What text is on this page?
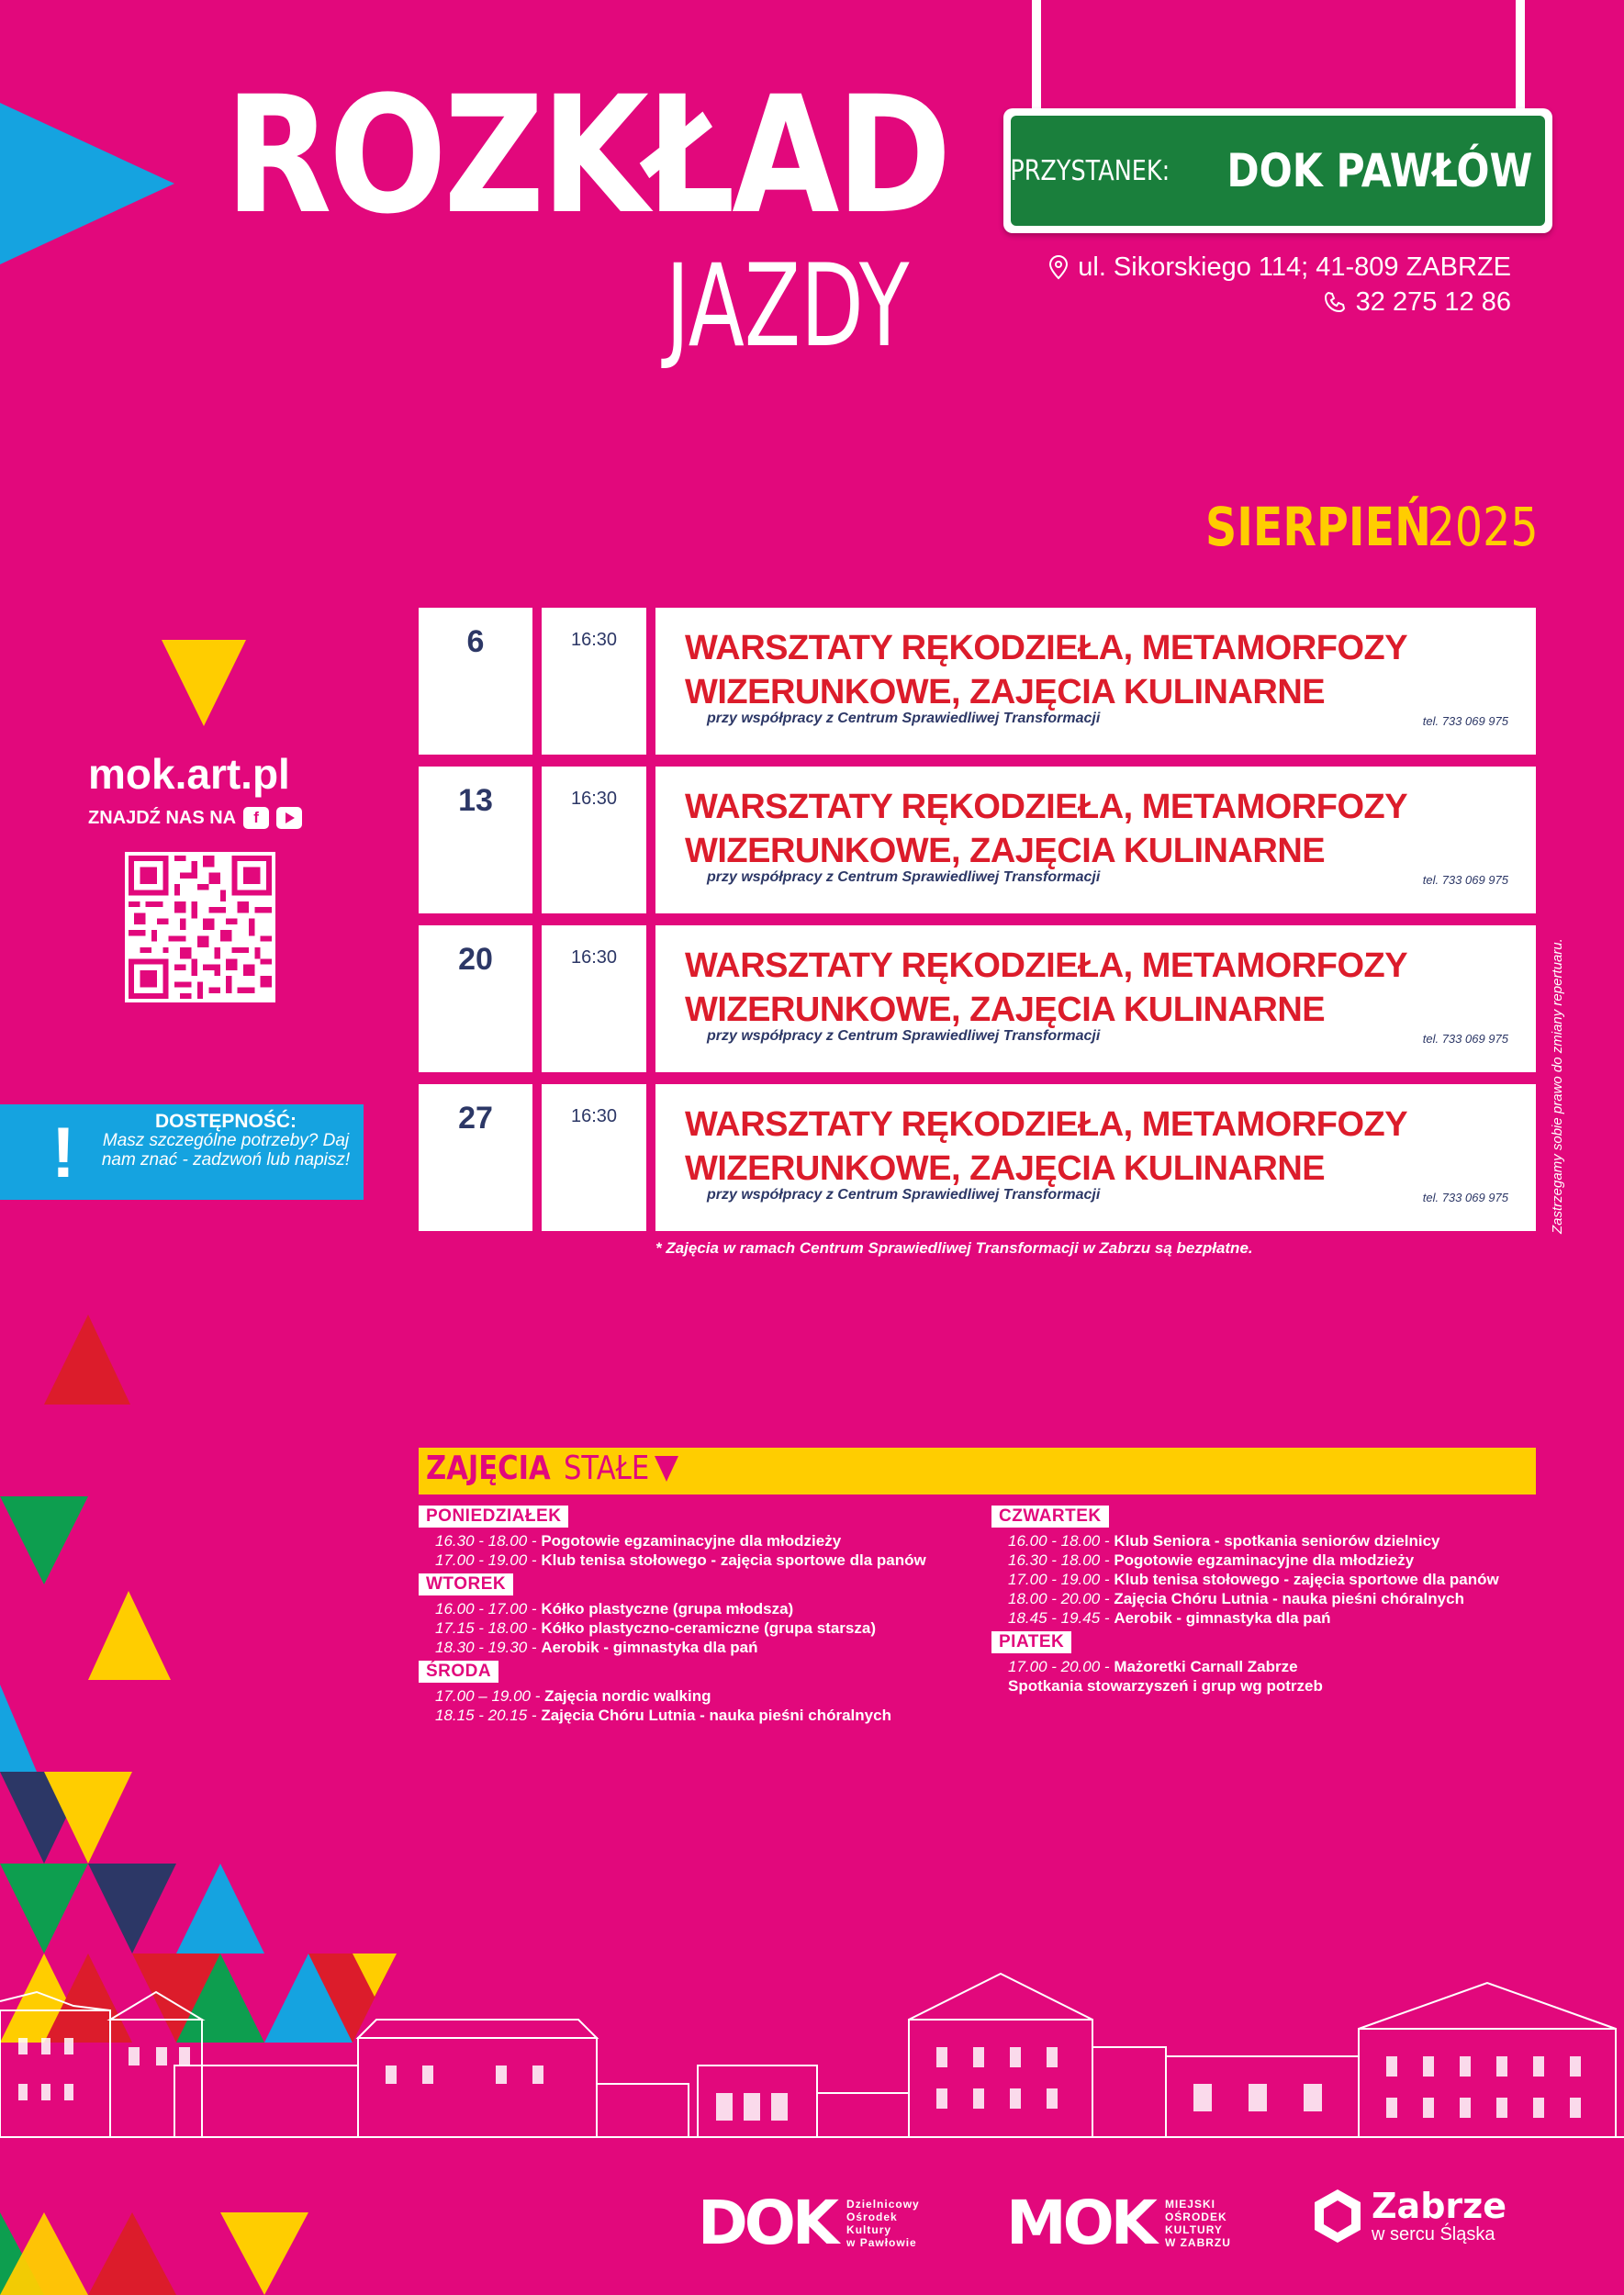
ROZKŁAD
JAZDY
PRZYSTANEK: DOK PAWŁÓW
ul. Sikorskiego 114; 41-809 ZABRZE
32 275 12 86
SIERPIEŃ
2025
mok.art.pl
ZNAJDŹ NAS NA	f
!	DOSTĘPNOŚĆ:
Masz szczególne potrzeby? Daj nam znać - zadzwoń lub napisz!
6	16:30	WARSZTATY RĘKODZIEŁA, METAMORFOZY WIZERUNKOWE, ZAJĘCIA KULINARNE
przy współpracy z Centrum Sprawiedliwej Transformacji	tel. 733 069 975
13	16:30	WARSZTATY RĘKODZIEŁA, METAMORFOZY WIZERUNKOWE, ZAJĘCIA KULINARNE
przy współpracy z Centrum Sprawiedliwej Transformacji	tel. 733 069 975
20	16:30	WARSZTATY RĘKODZIEŁA, METAMORFOZY WIZERUNKOWE, ZAJĘCIA KULINARNE
przy współpracy z Centrum Sprawiedliwej Transformacji	tel. 733 069 975
27	16:30	WARSZTATY RĘKODZIEŁA, METAMORFOZY WIZERUNKOWE, ZAJĘCIA KULINARNE
przy współpracy z Centrum Sprawiedliwej Transformacji	tel. 733 069 975	Zastrzegamy sobie prawo do zmiany repertuaru.
* Zajęcia w ramach Centrum Sprawiedliwej Transformacji w Zabrzu są bezpłatne.
ZAJĘCIA STAŁE
PONIEDZIAŁEK
16.30 - 18.00 - Pogotowie egzaminacyjne dla młodzieży
17.00 - 19.00 - Klub tenisa stołowego - zajęcia sportowe dla panów
WTOREK
16.00 - 17.00 - Kółko plastyczne (grupa młodsza)
17.15 - 18.00 - Kółko plastyczno-ceramiczne (grupa starsza)
18.30 - 19.30 - Aerobik - gimnastyka dla pań
ŚRODA
17.00 – 19.00 - Zajęcia nordic walking
18.15 - 20.15 - Zajęcia Chóru Lutnia - nauka pieśni chóralnych
CZWARTEK
16.00 - 18.00 - Klub Seniora - spotkania seniorów dzielnicy
16.30 - 18.00 - Pogotowie egzaminacyjne dla młodzieży
17.00 - 19.00 - Klub tenisa stołowego - zajęcia sportowe dla panów
18.00 - 20.00 - Zajęcia Chóru Lutnia - nauka pieśni chóralnych
18.45 - 19.45 - Aerobik - gimnastyka dla pań
PIATEK
17.00 - 20.00 - Mażoretki Carnall Zabrze
Spotkania stowarzyszeń i grup wg potrzeb
DOK Dzielnicowy
Ośrodek
Kultury
w Pawłowie MOK MIEJSKI
OŚRODEK
KULTURY
W ZABRZU
Zabrze
w sercu Śląska
